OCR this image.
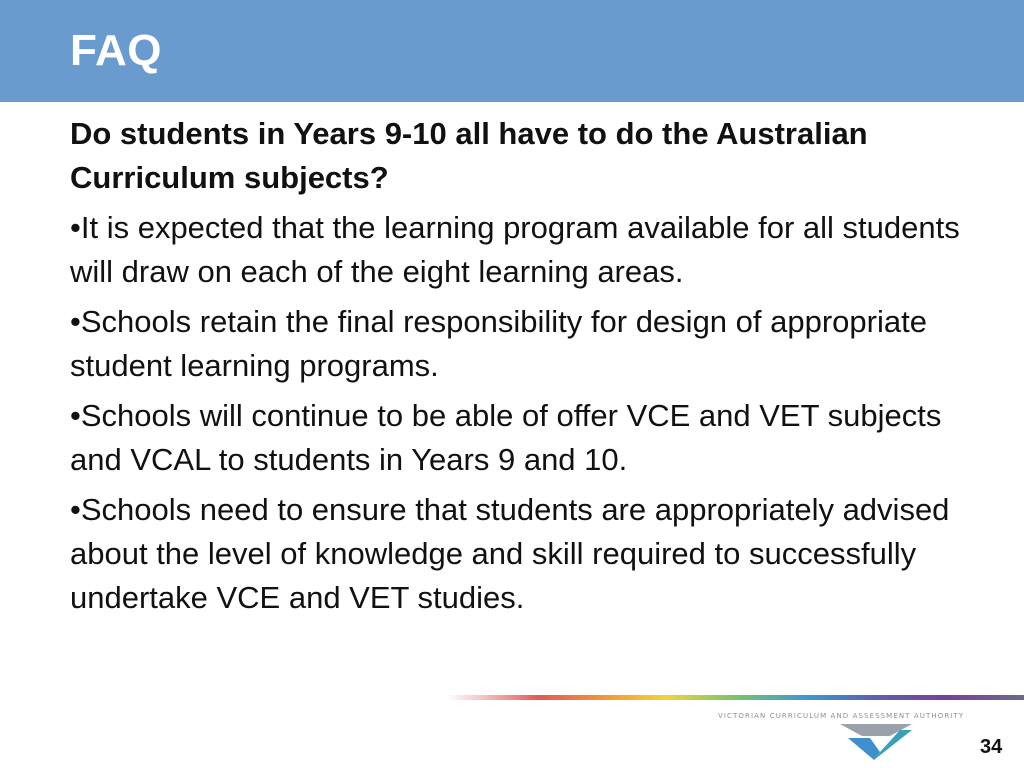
FAQ
Do students in Years 9-10 all have to do the Australian Curriculum subjects?
•It is expected that the learning program available for all students will draw on each of the eight learning areas.
•Schools retain the final responsibility for design of appropriate student learning programs.
•Schools will continue to be able of offer VCE and VET subjects and VCAL to students in Years 9 and 10.
•Schools need to ensure that students are appropriately advised about the level of knowledge and skill required to successfully undertake VCE and VET studies.
VICTORIAN CURRICULUM AND ASSESSMENT AUTHORITY
34
